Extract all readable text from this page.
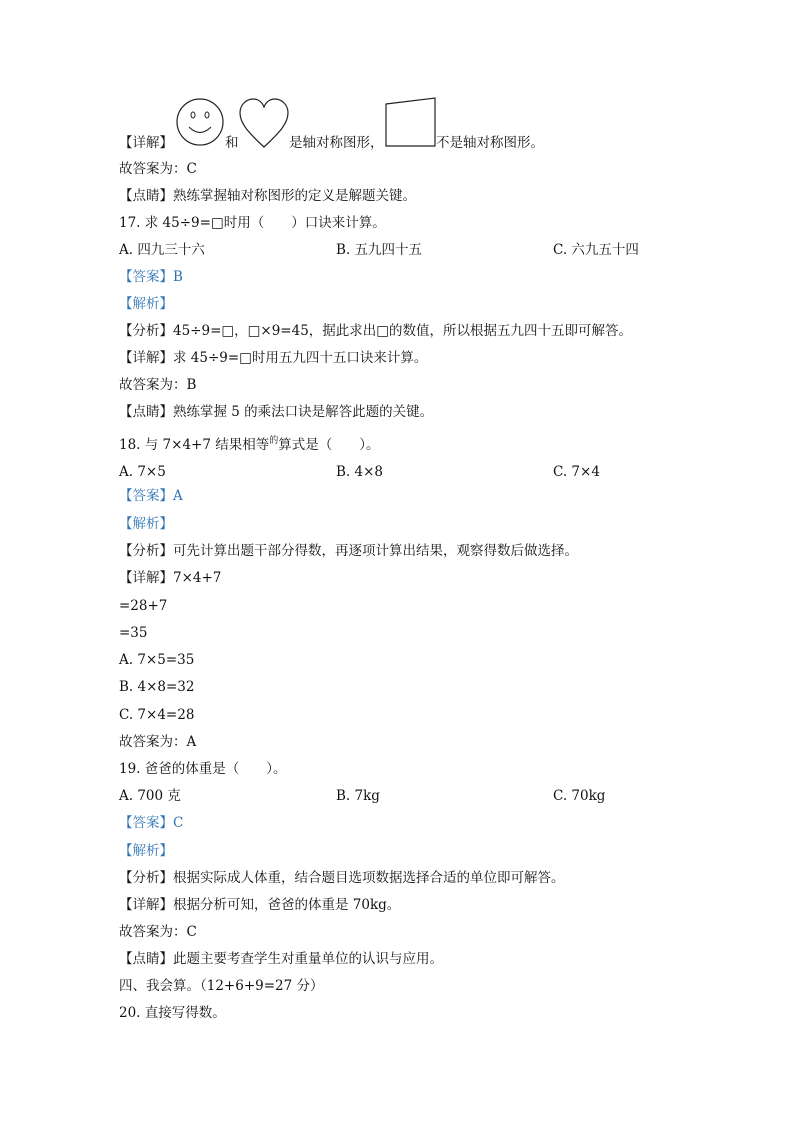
【详解】	和	是轴对称图形，	不是轴对称图形。
故答案为：C
【点睛】熟练掌握轴对称图形的定义是解题关键。
17. 求 45÷9=□时用（　　）口诀来计算。
A. 四九三十六	B. 五九四十五	C. 六九五十四
【答案】B
【解析】
【分析】45÷9=□，□×9=45，据此求出□的数值，所以根据五九四十五即可解答。
【详解】求 45÷9=□时用五九四十五口诀来计算。
故答案为：B
【点睛】熟练掌握 5 的乘法口诀是解答此题的关键。
18. 与 7×4+7 结果相等$^的$算式是（　　）。
A. 7×5	B. 4×8	C. 7×4
【答案】A
【解析】
【分析】可先计算出题干部分得数，再逐项计算出结果，观察得数后做选择。
【详解】7×4+7
=28+7
=35
A. 7×5=35
B. 4×8=32
C. 7×4=28
故答案为：A
19. 爸爸的体重是（　　）。
A. 700 克	B. 7kg	C. 70kg
【答案】C
【解析】
【分析】根据实际成人体重，结合题目选项数据选择合适的单位即可解答。
【详解】根据分析可知，爸爸的体重是 70kg。
故答案为：C
【点睛】此题主要考查学生对重量单位的认识与应用。
四、我会算。（12+6+9=27 分）
20. 直接写得数。
